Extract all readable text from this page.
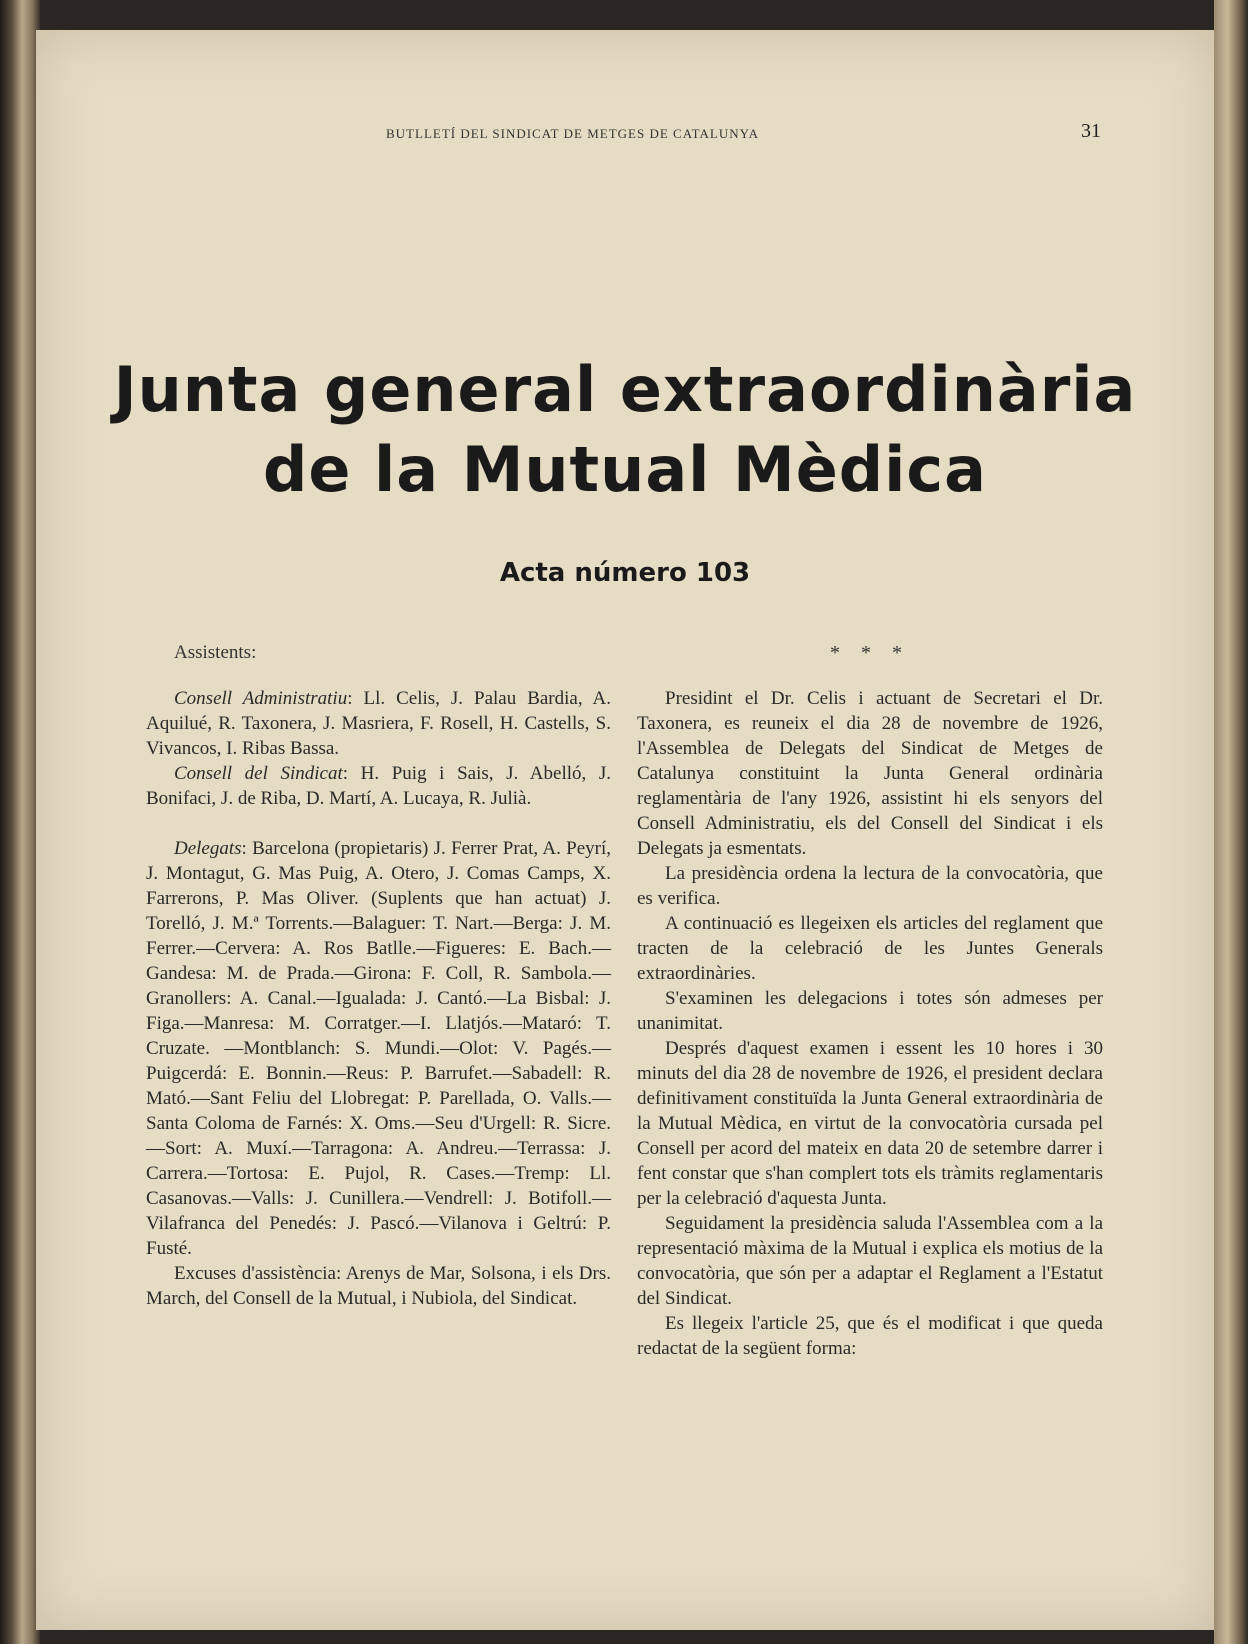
BUTLLETÍ DEL SINDICAT DE METGES DE CATALUNYA	31
Junta general extraordinària
de la Mutual Mèdica
Acta número 103
Assistents:	* * *

Consell Administratiu: Ll. Celis, J. Palau Bardia, A. Aquilué, R. Taxonera, J. Masriera, F. Rosell, H. Castells, S. Vivancos, I. Ribas Bassa.

Consell del Sindicat: H. Puig i Sais, J. Abelló, J. Bonifaci, J. de Riba, D. Martí, A. Lucaya, R. Julià.

Delegats: Barcelona (propietaris) J. Ferrer Prat, A. Peyrí, J. Montagut, G. Mas Puig, A. Otero, J. Comas Camps, X. Farrerons, P. Mas Oliver. (Suplents que han actuat) J. Torelló, J. M.ª Torrents.—Balaguer: T. Nart.—Berga: J. M. Ferrer.—Cervera: A. Ros Batlle.—Figueres: E. Bach.—Gandesa: M. de Prada.—Girona: F. Coll, R. Sambola.—Granollers: A. Canal.—Igualada: J. Cantó.—La Bisbal: J. Figa.—Manresa: M. Corratger.—I. Llatjós.—Mataró: T. Cruzate. —Montblanch: S. Mundi.—Olot: V. Pagés.—Puigcerdá: E. Bonnin.—Reus: P. Barrufet.—Sabadell: R. Mató.—Sant Feliu del Llobregat: P. Parellada, O. Valls.—Santa Coloma de Farnés: X. Oms.—Seu d'Urgell: R. Sicre.—Sort: A. Muxí.—Tarragona: A. Andreu.—Terrassa: J. Carrera.—Tortosa: E. Pujol, R. Cases.—Tremp: Ll. Casanovas.—Valls: J. Cunillera.—Vendrell: J. Botifoll.—Vilafranca del Penedés: J. Pascó.—Vilanova i Geltrú: P. Fusté.

Excuses d'assistència: Arenys de Mar, Solsona, i els Drs. March, del Consell de la Mutual, i Nubiola, del Sindicat.

Presidint el Dr. Celis i actuant de Secretari el Dr. Taxonera, es reuneix el dia 28 de novembre de 1926, l'Assemblea de Delegats del Sindicat de Metges de Catalunya constituint la Junta General ordinària reglamentària de l'any 1926, assistint hi els senyors del Consell Administratiu, els del Consell del Sindicat i els Delegats ja esmentats.

La presidència ordena la lectura de la convocatòria, que es verifica.

A continuació es llegeixen els articles del reglament que tracten de la celebració de les Juntes Generals extraordinàries.

S'examinen les delegacions i totes són admeses per unanimitat.

Després d'aquest examen i essent les 10 hores i 30 minuts del dia 28 de novembre de 1926, el president declara definitivament constituïda la Junta General extraordinària de la Mutual Mèdica, en virtut de la convocatòria cursada pel Consell per acord del mateix en data 20 de setembre darrer i fent constar que s'han complert tots els tràmits reglamentaris per la celebració d'aquesta Junta.

Seguidament la presidència saluda l'Assemblea com a la representació màxima de la Mutual i explica els motius de la convocatòria, que són per a adaptar el Reglament a l'Estatut del Sindicat.

Es llegeix l'article 25, que és el modificat i que queda redactat de la següent forma:
